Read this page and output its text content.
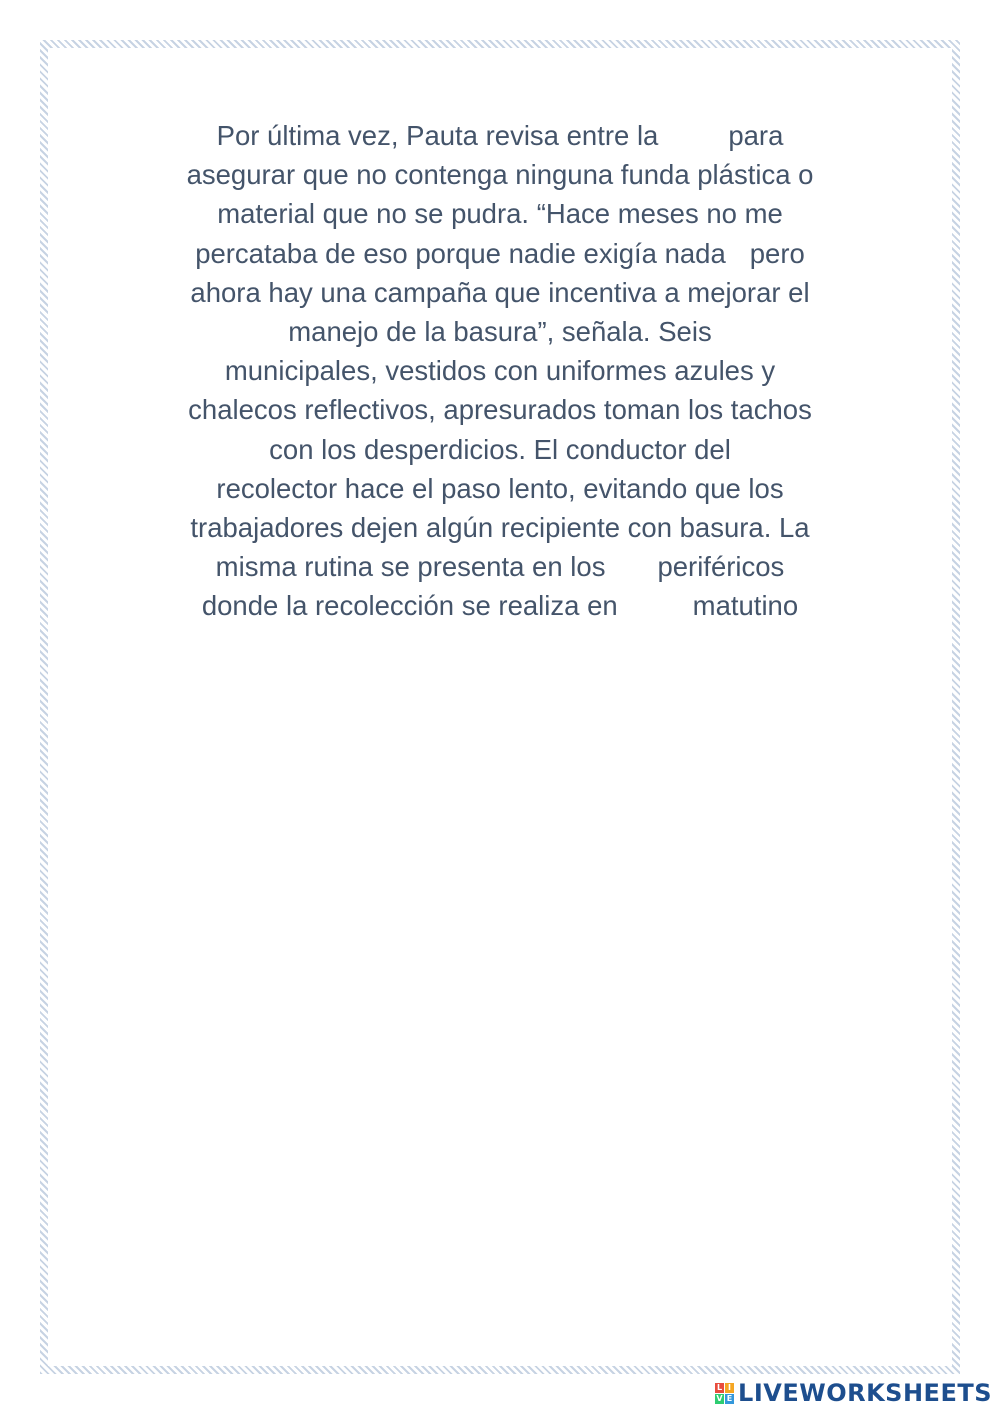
Por última vez, Pauta revisa entre la	para
asegurar que no contenga ninguna funda plástica o
material que no se pudra. “Hace meses no me
percataba de eso porque nadie exigía nada pero
ahora hay una campaña que incentiva a mejorar el
manejo de la basura”, señala. Seis
municipales, vestidos con uniformes azules y
chalecos reflectivos, apresurados toman los tachos
con los desperdicios. El conductor del
recolector hace el paso lento, evitando que los
trabajadores dejen algún recipiente con basura. La
misma rutina se presenta en los periféricos
donde la recolección se realiza en	matutino
L I
V E LIVEWORKSHEETS
